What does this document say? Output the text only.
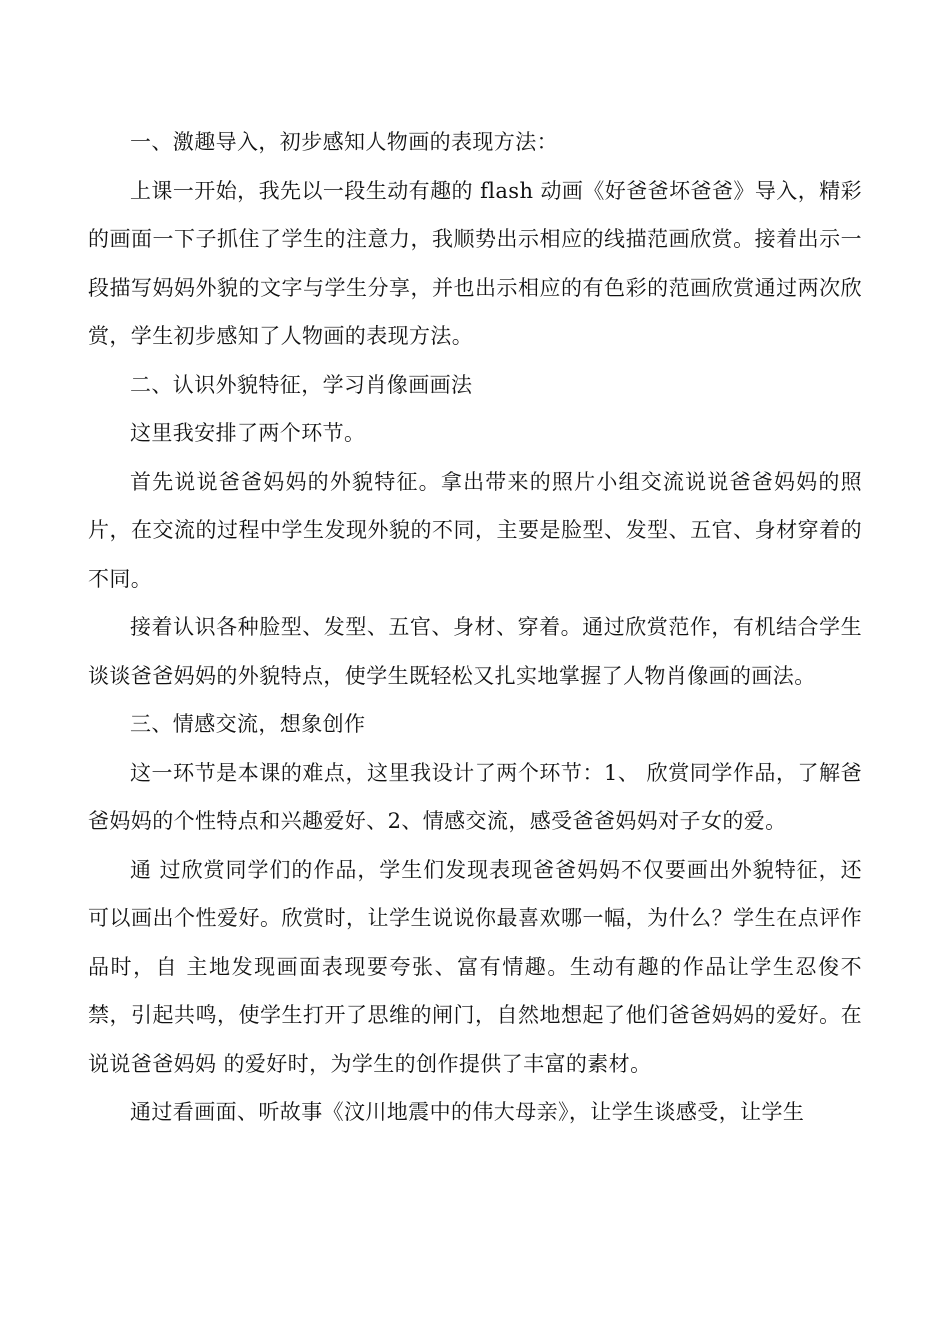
一、激趣导入，初步感知人物画的表现方法：

上课一开始，我先以一段生动有趣的 flash 动画《好爸爸坏爸爸》导入，精彩的画面一下子抓住了学生的注意力，我顺势出示相应的线描范画欣赏。接着出示一段描写妈妈外貌的文字与学生分享，并也出示相应的有色彩的范画欣赏通过两次欣赏，学生初步感知了人物画的表现方法。

二、认识外貌特征，学习肖像画画法

这里我安排了两个环节。

首先说说爸爸妈妈的外貌特征。拿出带来的照片小组交流说说爸爸妈妈的照片，在交流的过程中学生发现外貌的不同，主要是脸型、发型、五官、身材穿着的不同。

接着认识各种脸型、发型、五官、身材、穿着。通过欣赏范作，有机结合学生谈谈爸爸妈妈的外貌特点，使学生既轻松又扎实地掌握了人物肖像画的画法。

三、情感交流，想象创作

这一环节是本课的难点，这里我设计了两个环节：1、 欣赏同学作品，了解爸爸妈妈的个性特点和兴趣爱好、2、情感交流，感受爸爸妈妈对子女的爱。

通 过欣赏同学们的作品，学生们发现表现爸爸妈妈不仅要画出外貌特征，还可以画出个性爱好。欣赏时，让学生说说你最喜欢哪一幅，为什么？学生在点评作品时，自 主地发现画面表现要夸张、富有情趣。生动有趣的作品让学生忍俊不禁，引起共鸣，使学生打开了思维的闸门，自然地想起了他们爸爸妈妈的爱好。在说说爸爸妈妈 的爱好时，为学生的创作提供了丰富的素材。

通过看画面、听故事《汶川地震中的伟大母亲》，让学生谈感受，让学生
